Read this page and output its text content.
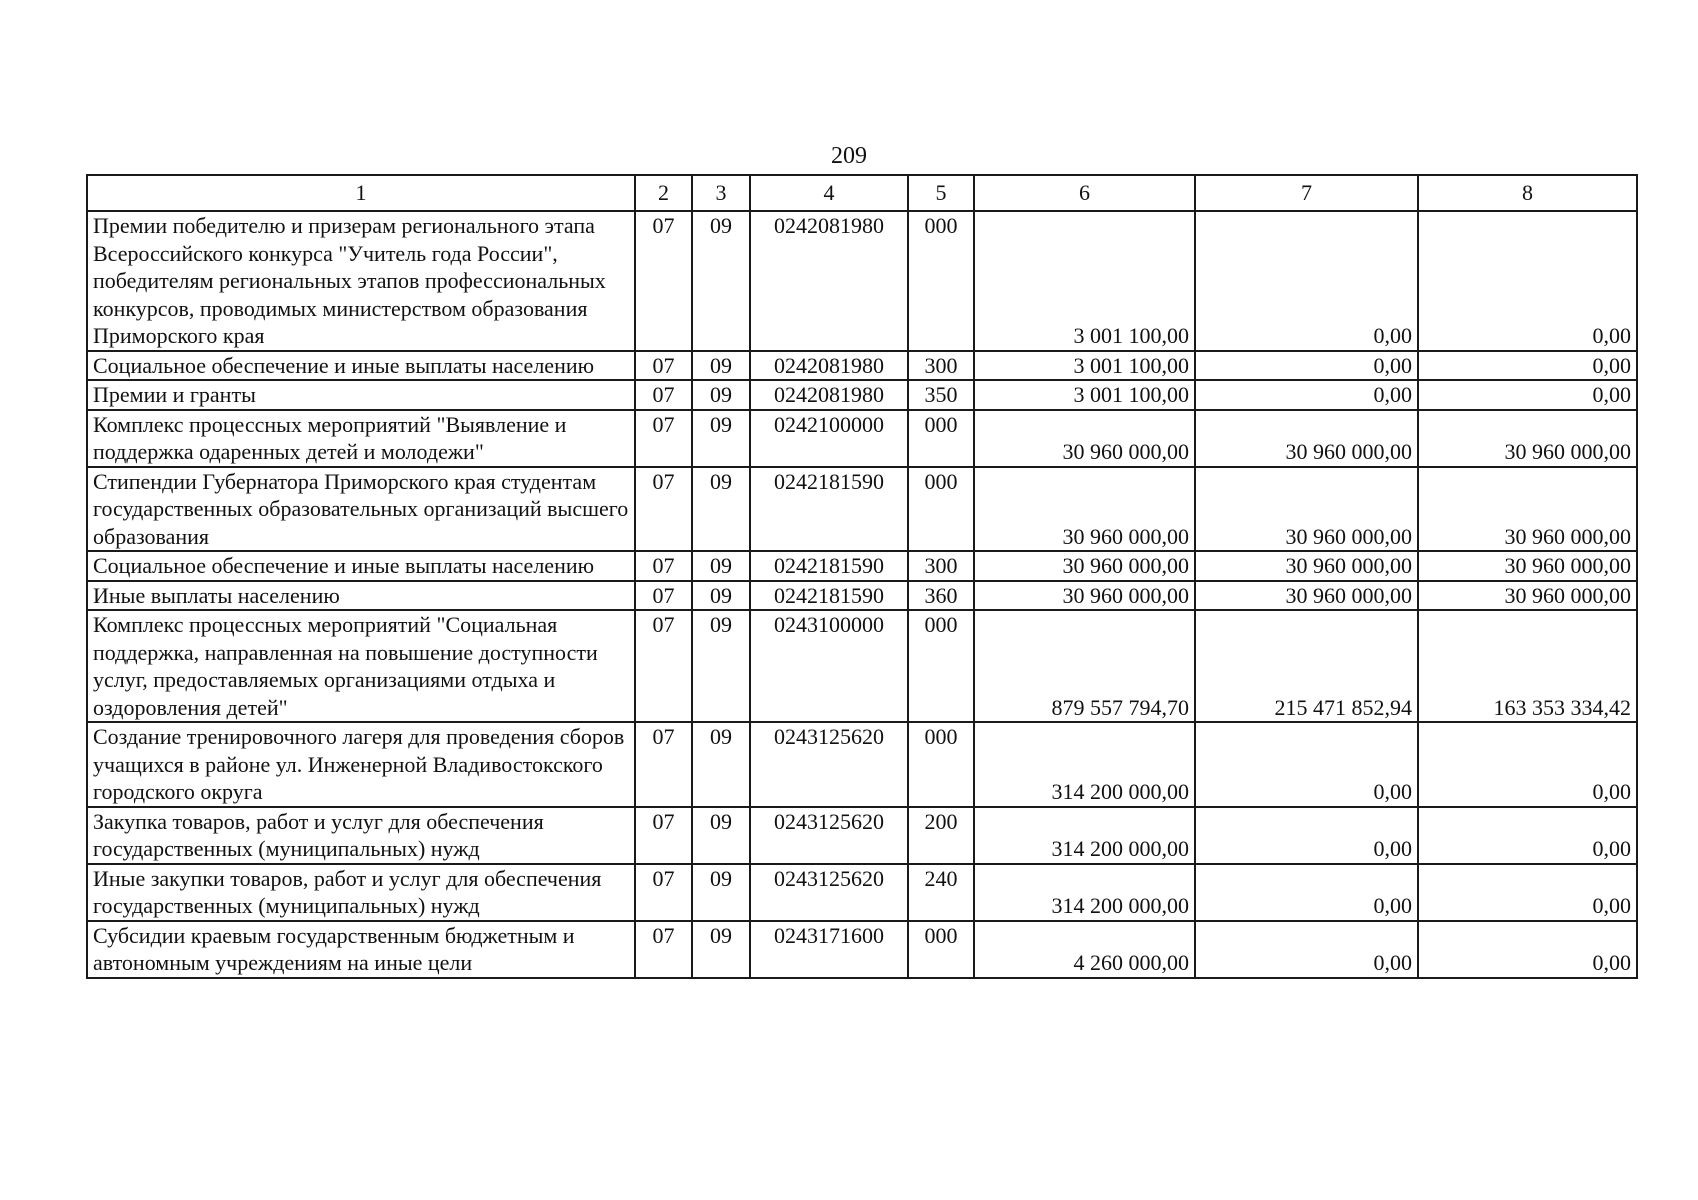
209
1	2	3	4	5	6	7	8
Премии победителю и призерам регионального этапа Всероссийского конкурса "Учитель года России", победителям региональных этапов профессиональных конкурсов, проводимых министерством образования Приморского края	07	09	0242081980	000	3 001 100,00	0,00	0,00
Социальное обеспечение и иные выплаты населению	07	09	0242081980	300	3 001 100,00	0,00	0,00
Премии и гранты	07	09	0242081980	350	3 001 100,00	0,00	0,00
Комплекс процессных мероприятий "Выявление и поддержка одаренных детей и молодежи"	07	09	0242100000	000	30 960 000,00	30 960 000,00	30 960 000,00
Стипендии Губернатора Приморского края студентам государственных образовательных организаций высшего образования	07	09	0242181590	000	30 960 000,00	30 960 000,00	30 960 000,00
Социальное обеспечение и иные выплаты населению	07	09	0242181590	300	30 960 000,00	30 960 000,00	30 960 000,00
Иные выплаты населению	07	09	0242181590	360	30 960 000,00	30 960 000,00	30 960 000,00
Комплекс процессных мероприятий "Социальная поддержка, направленная на повышение доступности услуг, предоставляемых организациями отдыха и оздоровления детей"	07	09	0243100000	000	879 557 794,70	215 471 852,94	163 353 334,42
Создание тренировочного лагеря для проведения сборов учащихся в районе ул. Инженерной Владивостокского городского округа	07	09	0243125620	000	314 200 000,00	0,00	0,00
Закупка товаров, работ и услуг для обеспечения государственных (муниципальных) нужд	07	09	0243125620	200	314 200 000,00	0,00	0,00
Иные закупки товаров, работ и услуг для обеспечения государственных (муниципальных) нужд	07	09	0243125620	240	314 200 000,00	0,00	0,00
Субсидии краевым государственным бюджетным и автономным учреждениям на иные цели	07	09	0243171600	000	4 260 000,00	0,00	0,00
